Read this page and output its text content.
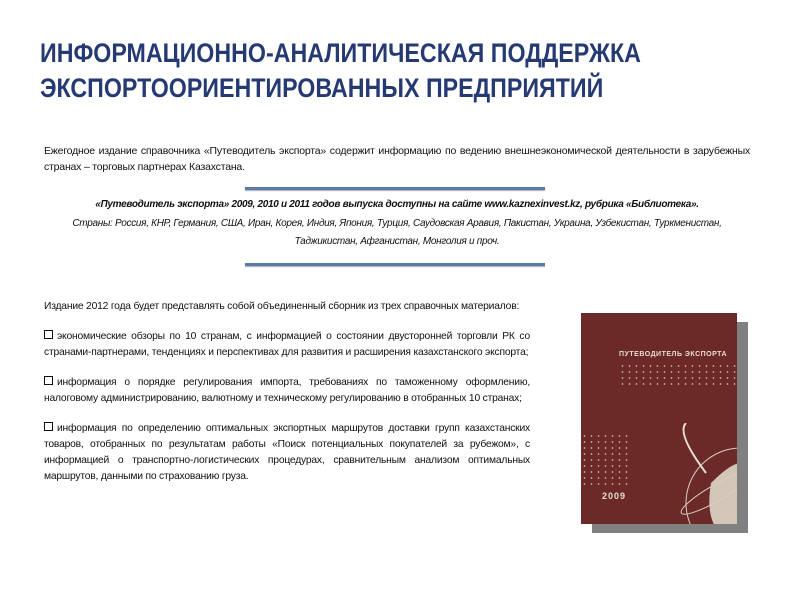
ИНФОРМАЦИОННО-АНАЛИТИЧЕСКАЯ ПОДДЕРЖКА
ЭКСПОРТООРИЕНТИРОВАННЫХ ПРЕДПРИЯТИЙ
Ежегодное издание справочника «Путеводитель экспорта» содержит информацию по ведению внешнеэкономической деятельности в зарубежных странах – торговых партнерах Казахстана.
«Путеводитель экспорта» 2009, 2010 и 2011 годов выпуска доступны на сайте www.kaznexinvest.kz, рубрика «Библиотека».
Страны: Россия, КНР, Германия, США, Иран, Корея, Индия, Япония, Турция, Саудовская Аравия, Пакистан, Украина, Узбекистан, Туркменистан, Таджикистан, Афганистан, Монголия и проч.

Издание 2012 года будет представлять собой объединенный сборник из трех справочных материалов:

экономические обзоры по 10 странам, с информацией о состоянии двусторонней торговли РК со странами-партнерами, тенденциях и перспективах для развития и расширения казахстанского экспорта;

информация о порядке регулирования импорта, требованиях по таможенному оформлению, налоговому администрированию, валютному и техническому регулированию в отобранных 10 странах;

информация по определению оптимальных экспортных маршрутов доставки групп казахстанских товаров, отобранных по результатам работы «Поиск потенциальных покупателей за рубежом», с информацией о транспортно-логистических процедурах, сравнительным анализом оптимальных маршрутов, данными по страхованию груза.

ПУТЕВОДИТЕЛЬ ЭКСПОРТА
2009
